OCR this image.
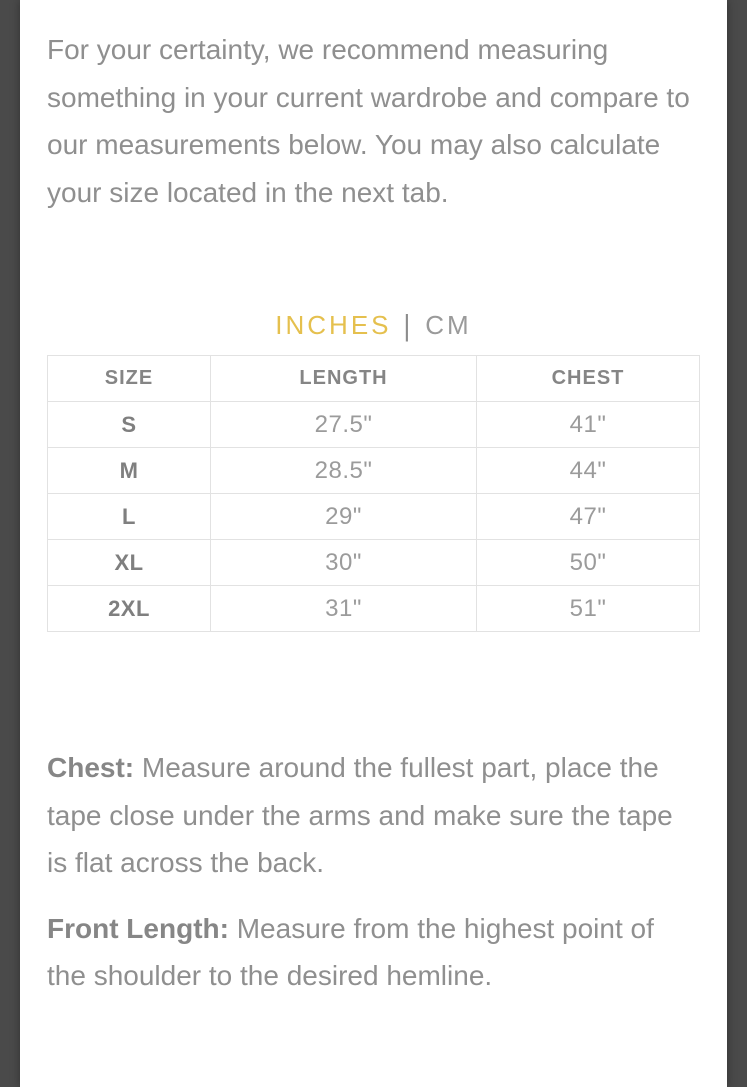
For your certainty, we recommend measuring something in your current wardrobe and compare to our measurements below. You may also calculate your size located in the next tab.

INCHES | CM
SIZE	LENGTH	CHEST
S	27.5"	41"
M	28.5"	44"
L	29"	47"
XL	30"	50"
2XL	31"	51"

Chest: Measure around the fullest part, place the tape close under the arms and make sure the tape is flat across the back.

Front Length: Measure from the highest point of the shoulder to the desired hemline.
